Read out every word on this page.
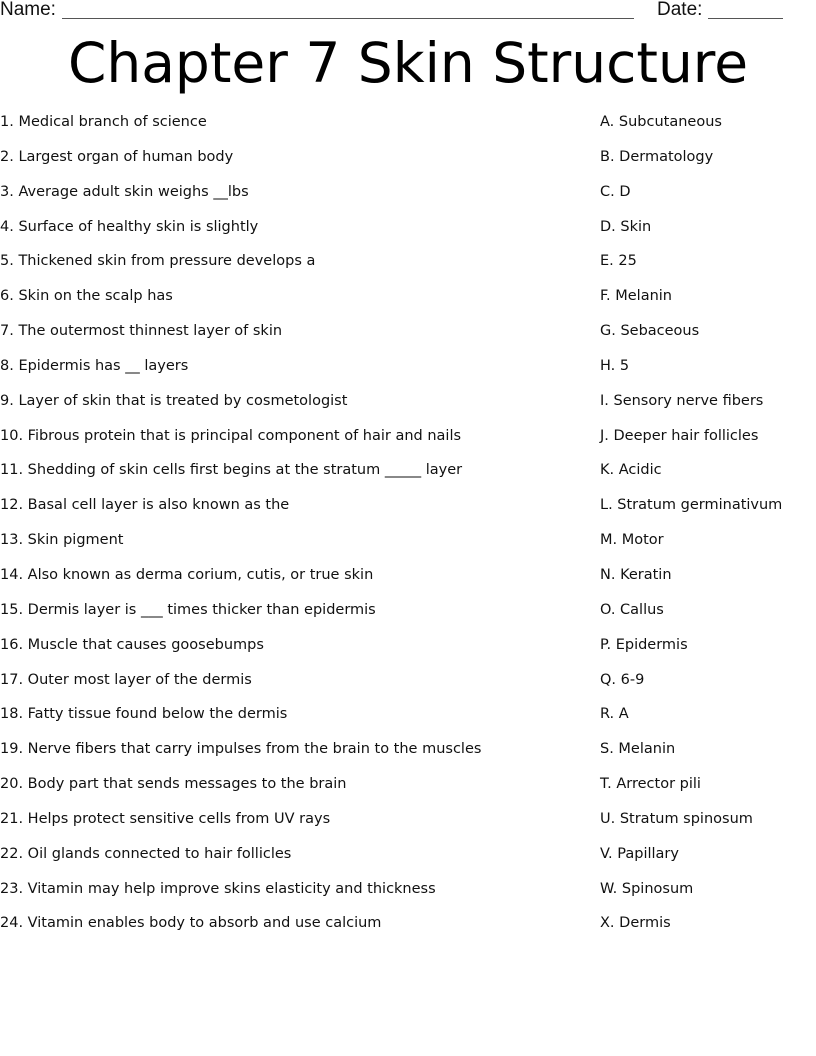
Name:	Date:
Chapter 7 Skin Structure
1. Medical branch of science
2. Largest organ of human body
3. Average adult skin weighs __lbs
4. Surface of healthy skin is slightly
5. Thickened skin from pressure develops a
6. Skin on the scalp has
7. The outermost thinnest layer of skin
8. Epidermis has __ layers
9. Layer of skin that is treated by cosmetologist
10. Fibrous protein that is principal component of hair and nails
11. Shedding of skin cells first begins at the stratum _____ layer
12. Basal cell layer is also known as the
13. Skin pigment
14. Also known as derma corium, cutis, or true skin
15. Dermis layer is ___ times thicker than epidermis
16. Muscle that causes goosebumps
17. Outer most layer of the dermis
18. Fatty tissue found below the dermis
19. Nerve fibers that carry impulses from the brain to the muscles
20. Body part that sends messages to the brain
21. Helps protect sensitive cells from UV rays
22. Oil glands connected to hair follicles
23. Vitamin may help improve skins elasticity and thickness
24. Vitamin enables body to absorb and use calcium
A. Subcutaneous
B. Dermatology
C. D
D. Skin
E. 25
F. Melanin
G. Sebaceous
H. 5
I. Sensory nerve fibers
J. Deeper hair follicles
K. Acidic
L. Stratum germinativum
M. Motor
N. Keratin
O. Callus
P. Epidermis
Q. 6-9
R. A
S. Melanin
T. Arrector pili
U. Stratum spinosum
V. Papillary
W. Spinosum
X. Dermis
